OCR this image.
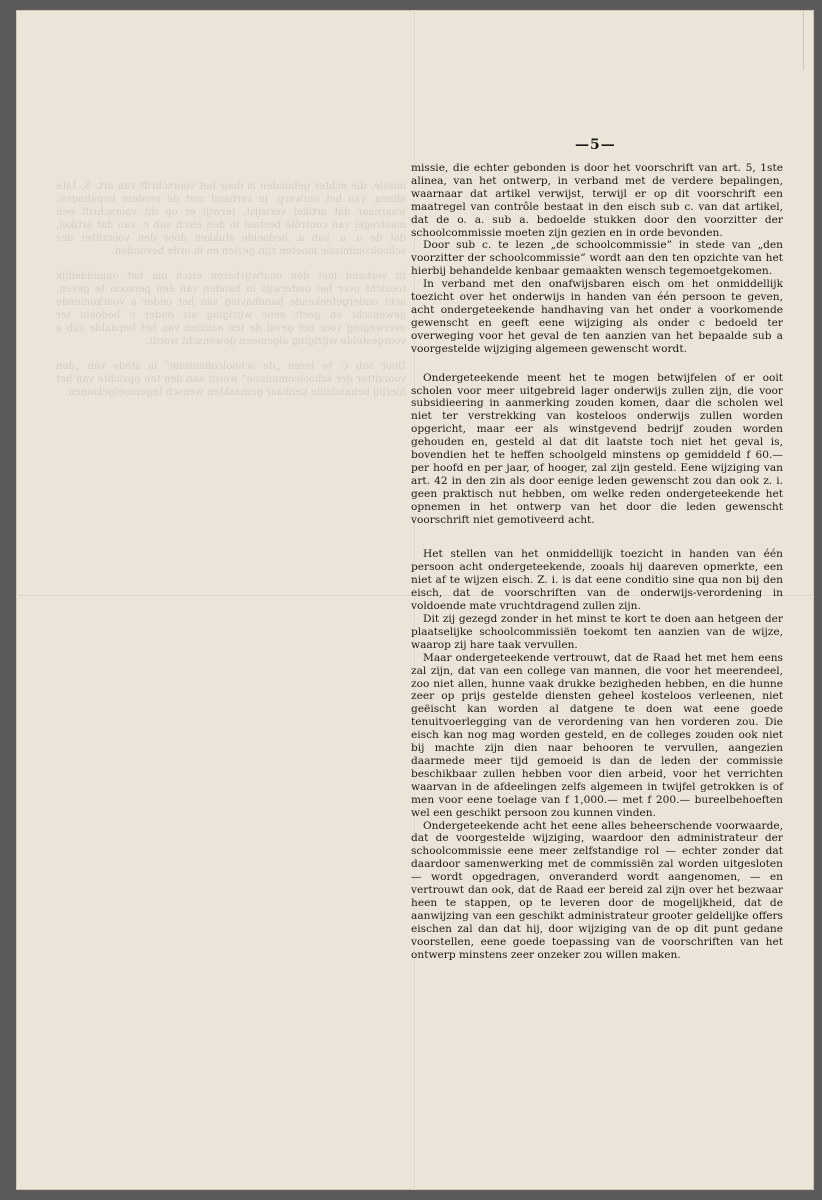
missie, die echter gebonden is door het voorschrift van art. 5, 1ste alinea, van het ontwerp, in verband met de verdere bepalingen, waarnaar dat artikel verwijst, terwijl er op dit voorschrift een maatregel van contrôle bestaat in den eisch sub c. van dat artikel, dat de o. a. sub a. bedoelde stukken door den voorzitter der schoolcommissie moeten zijn gezien en in orde bevonden.

In verband met den onafwijsbaren eisch om het onmiddellijk toezicht over het onderwijs in handen van één persoon te geven, acht ondergeteekende handhaving van het onder a voorkomende gewenscht en geeft eene wijziging als onder c bedoeld ter overweging voor het geval de ten aanzien van het bepaalde sub a voorgestelde wijziging algemeen gewenscht wordt.

Door sub c. te lezen „de schoolcommissie” in stede van „den voorzitter der schoolcommissie” wordt aan den ten opzichte van het hierbij behandelde kenbaar gemaakten wensch tegemoetgekomen.

—5—

missie, die echter gebonden is door het voorschrift van art. 5, 1ste alinea, van het ontwerp, in verband met de verdere bepalingen, waarnaar dat artikel verwijst, terwijl er op dit voorschrift een maatregel van contrôle bestaat in den eisch sub c. van dat artikel, dat de o. a. sub a. bedoelde stukken door den voorzitter der schoolcommissie moeten zijn gezien en in orde bevonden.

Door sub c. te lezen „de schoolcommissie” in stede van „den voorzitter der schoolcommissie” wordt aan den ten opzichte van het hierbij behandelde kenbaar gemaakten wensch tegemoetgekomen.

In verband met den onafwijsbaren eisch om het onmiddellijk toezicht over het onderwijs in handen van één persoon te geven, acht ondergeteekende handhaving van het onder a voorkomende gewenscht en geeft eene wijziging als onder c bedoeld ter overweging voor het geval de ten aanzien van het bepaalde sub a voorgestelde wijziging algemeen gewenscht wordt.

Ondergeteekende meent het te mogen betwijfelen of er ooit scholen voor meer uitgebreid lager onderwijs zullen zijn, die voor subsidieering in aanmerking zouden komen, daar die scholen wel niet ter verstrekking van kosteloos onderwijs zullen worden opgericht, maar eer als winstgevend bedrijf zouden worden gehouden en, gesteld al dat dit laatste toch niet het geval is, bovendien het te heffen schoolgeld minstens op gemiddeld f 60.— per hoofd en per jaar, of hooger, zal zijn gesteld. Eene wijziging van art. 42 in den zin als door eenige leden gewenscht zou dan ook z. i. geen praktisch nut hebben, om welke reden ondergeteekende het opnemen in het ontwerp van het door die leden gewenscht voorschrift niet gemotiveerd acht.

Het stellen van het onmiddellijk toezicht in handen van één persoon acht ondergeteekende, zooals hij daareven opmerkte, een niet af te wijzen eisch. Z. i. is dat eene conditio sine qua non bij den eisch, dat de voorschriften van de onderwijs-verordening in voldoende mate vruchtdragend zullen zijn.

Dit zij gezegd zonder in het minst te kort te doen aan hetgeen der plaatselijke schoolcommissiën toekomt ten aanzien van de wijze, waarop zij hare taak vervullen.

Maar ondergeteekende vertrouwt, dat de Raad het met hem eens zal zijn, dat van een college van mannen, die voor het meerendeel, zoo niet allen, hunne vaak drukke bezigheden hebben, en die hunne zeer op prijs gestelde diensten geheel kosteloos verleenen, niet geëischt kan worden al datgene te doen wat eene goede tenuitvoerlegging van de verordening van hen vorderen zou. Die eisch kan nog mag worden gesteld, en de colleges zouden ook niet bij machte zijn dien naar behooren te vervullen, aangezien daarmede meer tijd gemoeid is dan de leden der commissie beschikbaar zullen hebben voor dien arbeid, voor het verrichten waarvan in de afdeelingen zelfs algemeen in twijfel getrokken is of men voor eene toelage van f 1,000.— met f 200.— bureelbehoeften wel een geschikt persoon zou kunnen vinden.

Ondergeteekende acht het eene alles beheerschende voorwaarde, dat de voorgestelde wijziging, waardoor den administrateur der schoolcommissie eene meer zelfstandige rol — echter zonder dat daardoor samenwerking met de commissiën zal worden uitgesloten — wordt opgedragen, onveranderd wordt aangenomen, — en vertrouwt dan ook, dat de Raad eer bereid zal zijn over het bezwaar heen te stappen, op te leveren door de mogelijkheid, dat de aanwijzing van een geschikt administrateur grooter geldelijke offers eischen zal dan dat hij, door wijziging van de op dit punt gedane voorstellen, eene goede toepassing van de voorschriften van het ontwerp minstens zeer onzeker zou willen maken.
